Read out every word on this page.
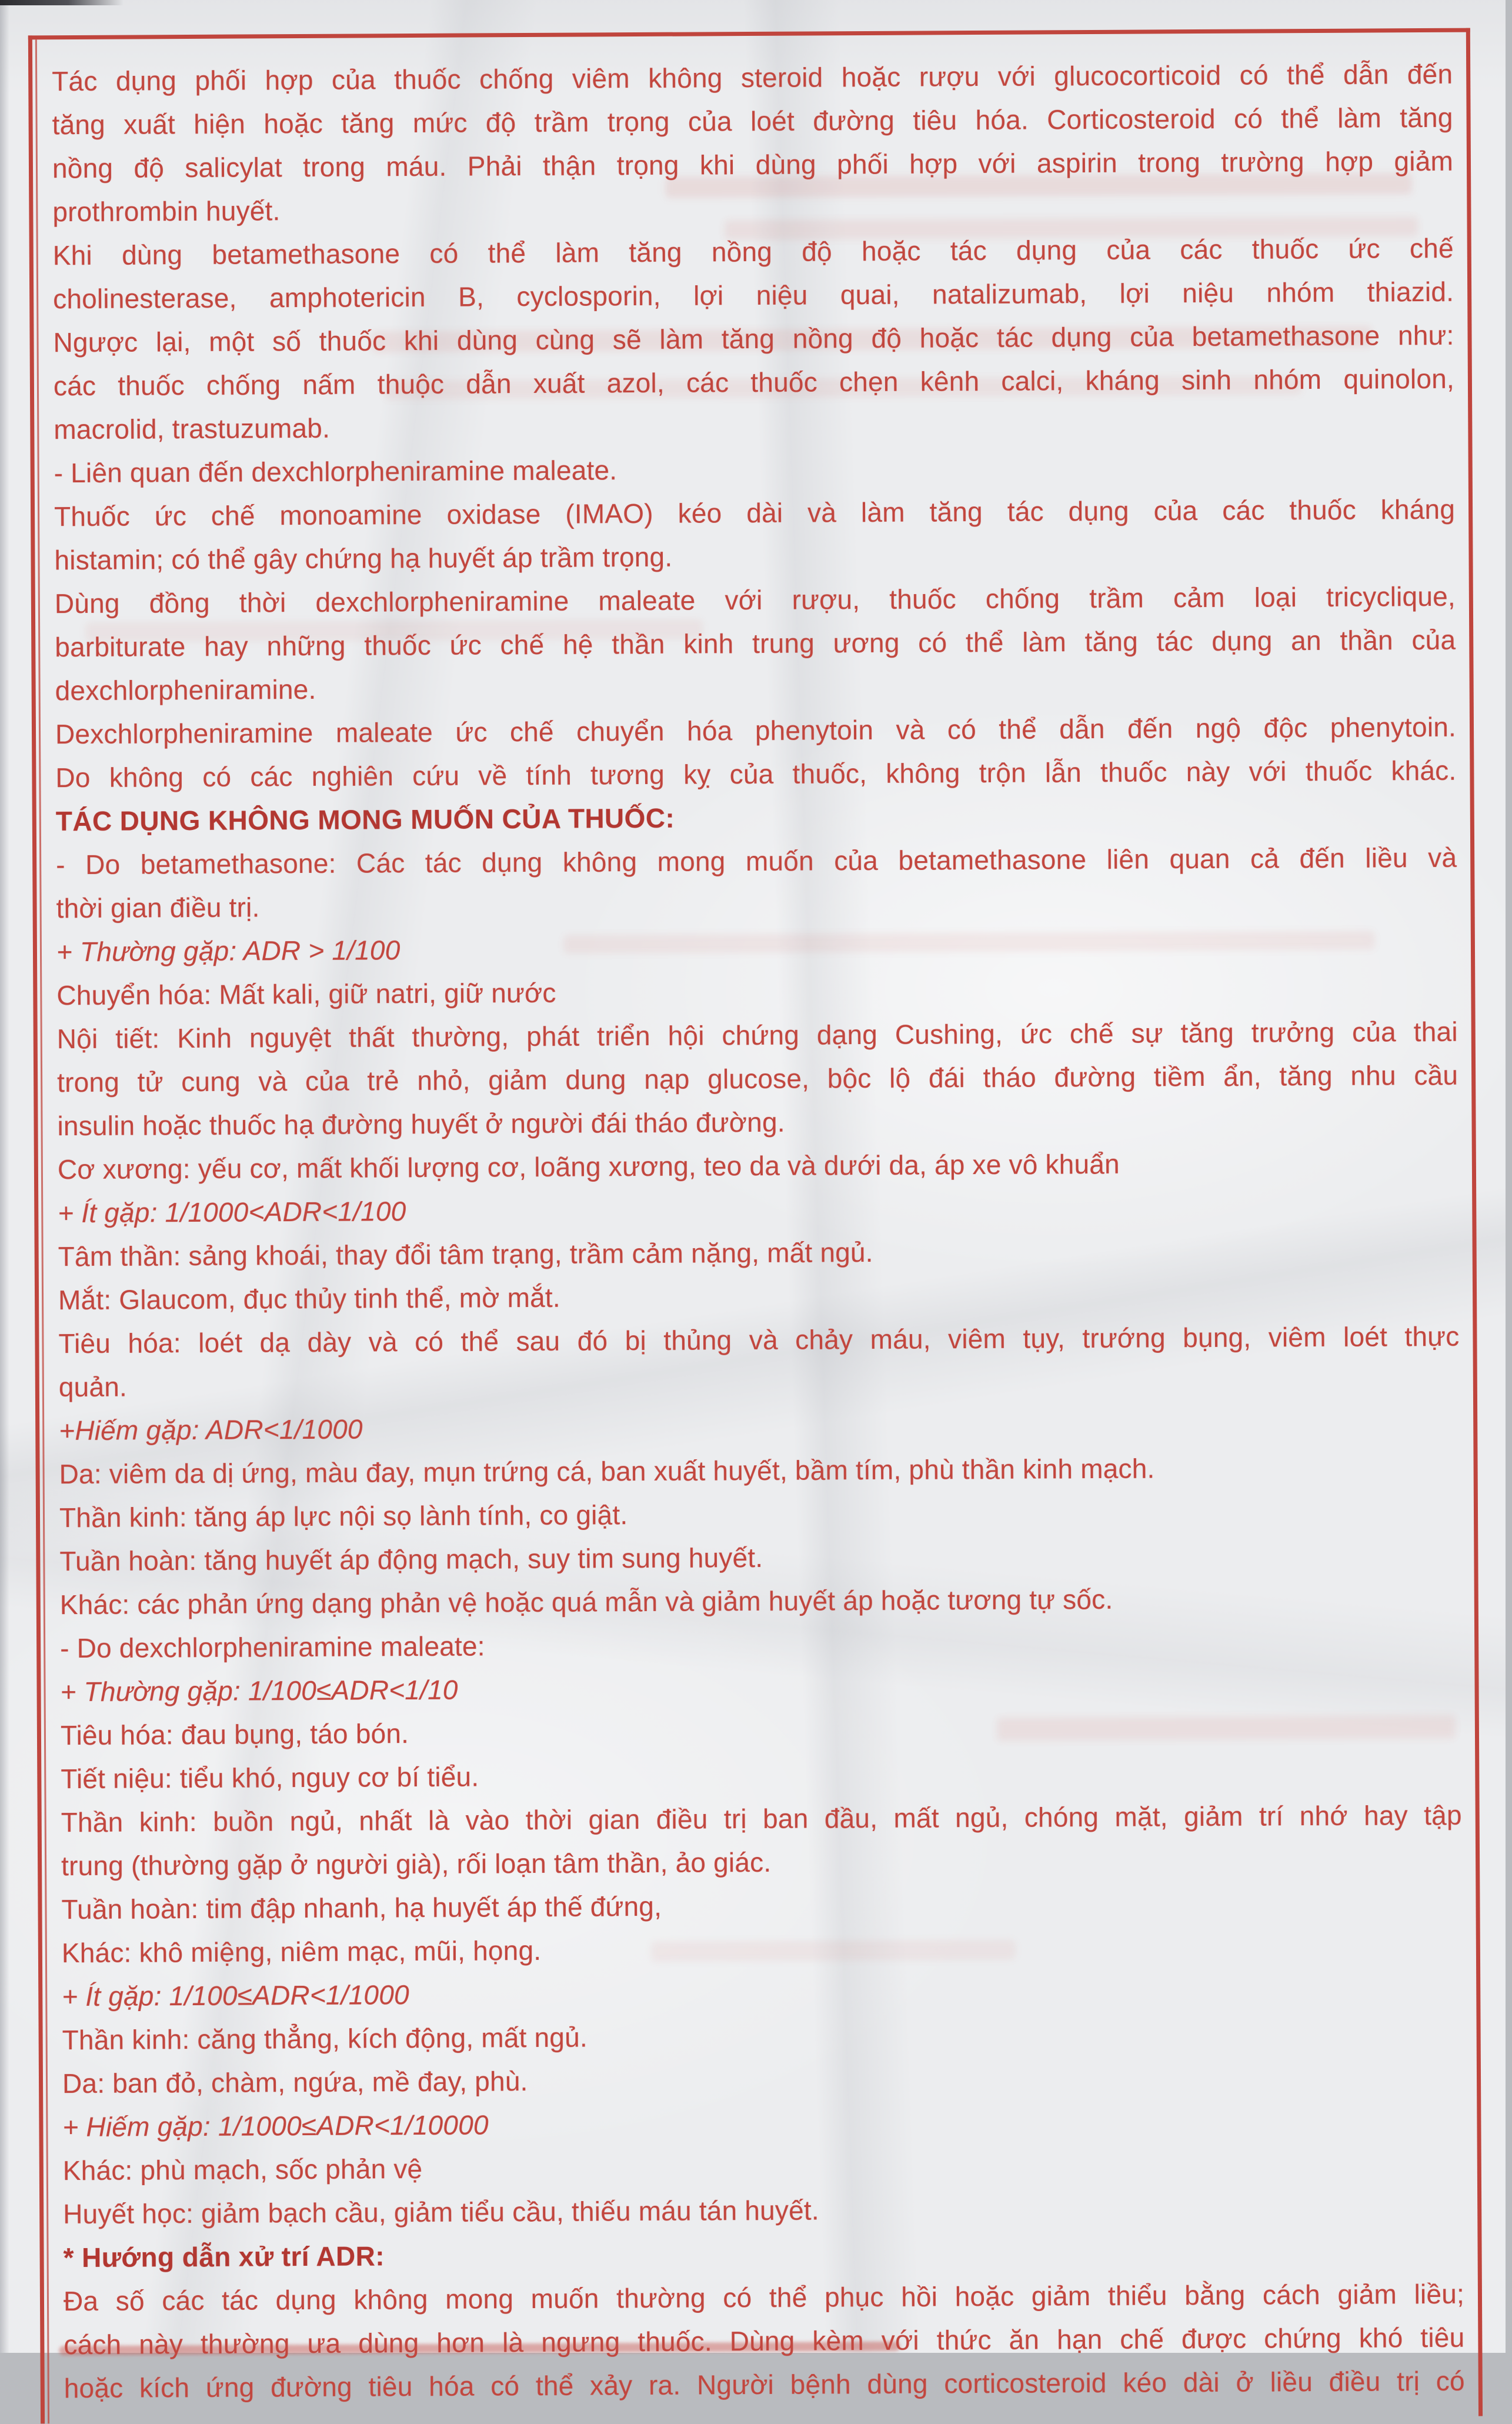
Tác dụng phối hợp của thuốc chống viêm không steroid hoặc rượu với glucocorticoid có thể dẫn đến
tăng xuất hiện hoặc tăng mức độ trầm trọng của loét đường tiêu hóa. Corticosteroid có thể làm tăng
nồng độ salicylat trong máu. Phải thận trọng khi dùng phối hợp với aspirin trong trường hợp giảm
prothrombin huyết.
Khi dùng betamethasone có thể làm tăng nồng độ hoặc tác dụng của các thuốc ức chế
cholinesterase, amphotericin B, cyclosporin, lợi niệu quai, natalizumab, lợi niệu nhóm thiazid.
Ngược lại, một số thuốc khi dùng cùng sẽ làm tăng nồng độ hoặc tác dụng của betamethasone như:
các thuốc chống nấm thuộc dẫn xuất azol, các thuốc chẹn kênh calci, kháng sinh nhóm quinolon,
macrolid, trastuzumab.
- Liên quan đến dexchlorpheniramine maleate.
Thuốc ức chế monoamine oxidase (IMAO) kéo dài và làm tăng tác dụng của các thuốc kháng
histamin; có thể gây chứng hạ huyết áp trầm trọng.
Dùng đồng thời dexchlorpheniramine maleate với rượu, thuốc chống trầm cảm loại tricyclique,
barbiturate hay những thuốc ức chế hệ thần kinh trung ương có thể làm tăng tác dụng an thần của
dexchlorpheniramine.
Dexchlorpheniramine maleate ức chế chuyển hóa phenytoin và có thể dẫn đến ngộ độc phenytoin.
Do không có các nghiên cứu về tính tương kỵ của thuốc, không trộn lẫn thuốc này với thuốc khác.
TÁC DỤNG KHÔNG MONG MUỐN CỦA THUỐC:
- Do betamethasone: Các tác dụng không mong muốn của betamethasone liên quan cả đến liều và
thời gian điều trị.
+ Thường gặp: ADR > 1/100
Chuyển hóa: Mất kali, giữ natri, giữ nước
Nội tiết: Kinh nguyệt thất thường, phát triển hội chứng dạng Cushing, ức chế sự tăng trưởng của thai
trong tử cung và của trẻ nhỏ, giảm dung nạp glucose, bộc lộ đái tháo đường tiềm ẩn, tăng nhu cầu
insulin hoặc thuốc hạ đường huyết ở người đái tháo đường.
Cơ xương: yếu cơ, mất khối lượng cơ, loãng xương, teo da và dưới da, áp xe vô khuẩn
+ Ít gặp: 1/1000<ADR<1/100
Tâm thần: sảng khoái, thay đổi tâm trạng, trầm cảm nặng, mất ngủ.
Mắt: Glaucom, đục thủy tinh thể, mờ mắt.
Tiêu hóa: loét dạ dày và có thể sau đó bị thủng và chảy máu, viêm tụy, trướng bụng, viêm loét thực
quản.
+Hiếm gặp: ADR<1/1000
Da: viêm da dị ứng, màu đay, mụn trứng cá, ban xuất huyết, bầm tím, phù thần kinh mạch.
Thần kinh: tăng áp lực nội sọ lành tính, co giật.
Tuần hoàn: tăng huyết áp động mạch, suy tim sung huyết.
Khác: các phản ứng dạng phản vệ hoặc quá mẫn và giảm huyết áp hoặc tương tự sốc.
- Do dexchlorpheniramine maleate:
+ Thường gặp: 1/100≤ADR<1/10
Tiêu hóa: đau bụng, táo bón.
Tiết niệu: tiểu khó, nguy cơ bí tiểu.
Thần kinh: buồn ngủ, nhất là vào thời gian điều trị ban đầu, mất ngủ, chóng mặt, giảm trí nhớ hay tập
trung (thường gặp ở người già), rối loạn tâm thần, ảo giác.
Tuần hoàn: tim đập nhanh, hạ huyết áp thế đứng,
Khác: khô miệng, niêm mạc, mũi, họng.
+ Ít gặp: 1/100≤ADR<1/1000
Thần kinh: căng thẳng, kích động, mất ngủ.
Da: ban đỏ, chàm, ngứa, mề đay, phù.
+ Hiếm gặp: 1/1000≤ADR<1/10000
Khác: phù mạch, sốc phản vệ
Huyết học: giảm bạch cầu, giảm tiểu cầu, thiếu máu tán huyết.
* Hướng dẫn xử trí ADR:
Đa số các tác dụng không mong muốn thường có thể phục hồi hoặc giảm thiểu bằng cách giảm liều;
cách này thường ưa dùng hơn là ngưng thuốc. Dùng kèm với thức ăn hạn chế được chứng khó tiêu
hoặc kích ứng đường tiêu hóa có thể xảy ra. Người bệnh dùng corticosteroid kéo dài ở liều điều trị có
